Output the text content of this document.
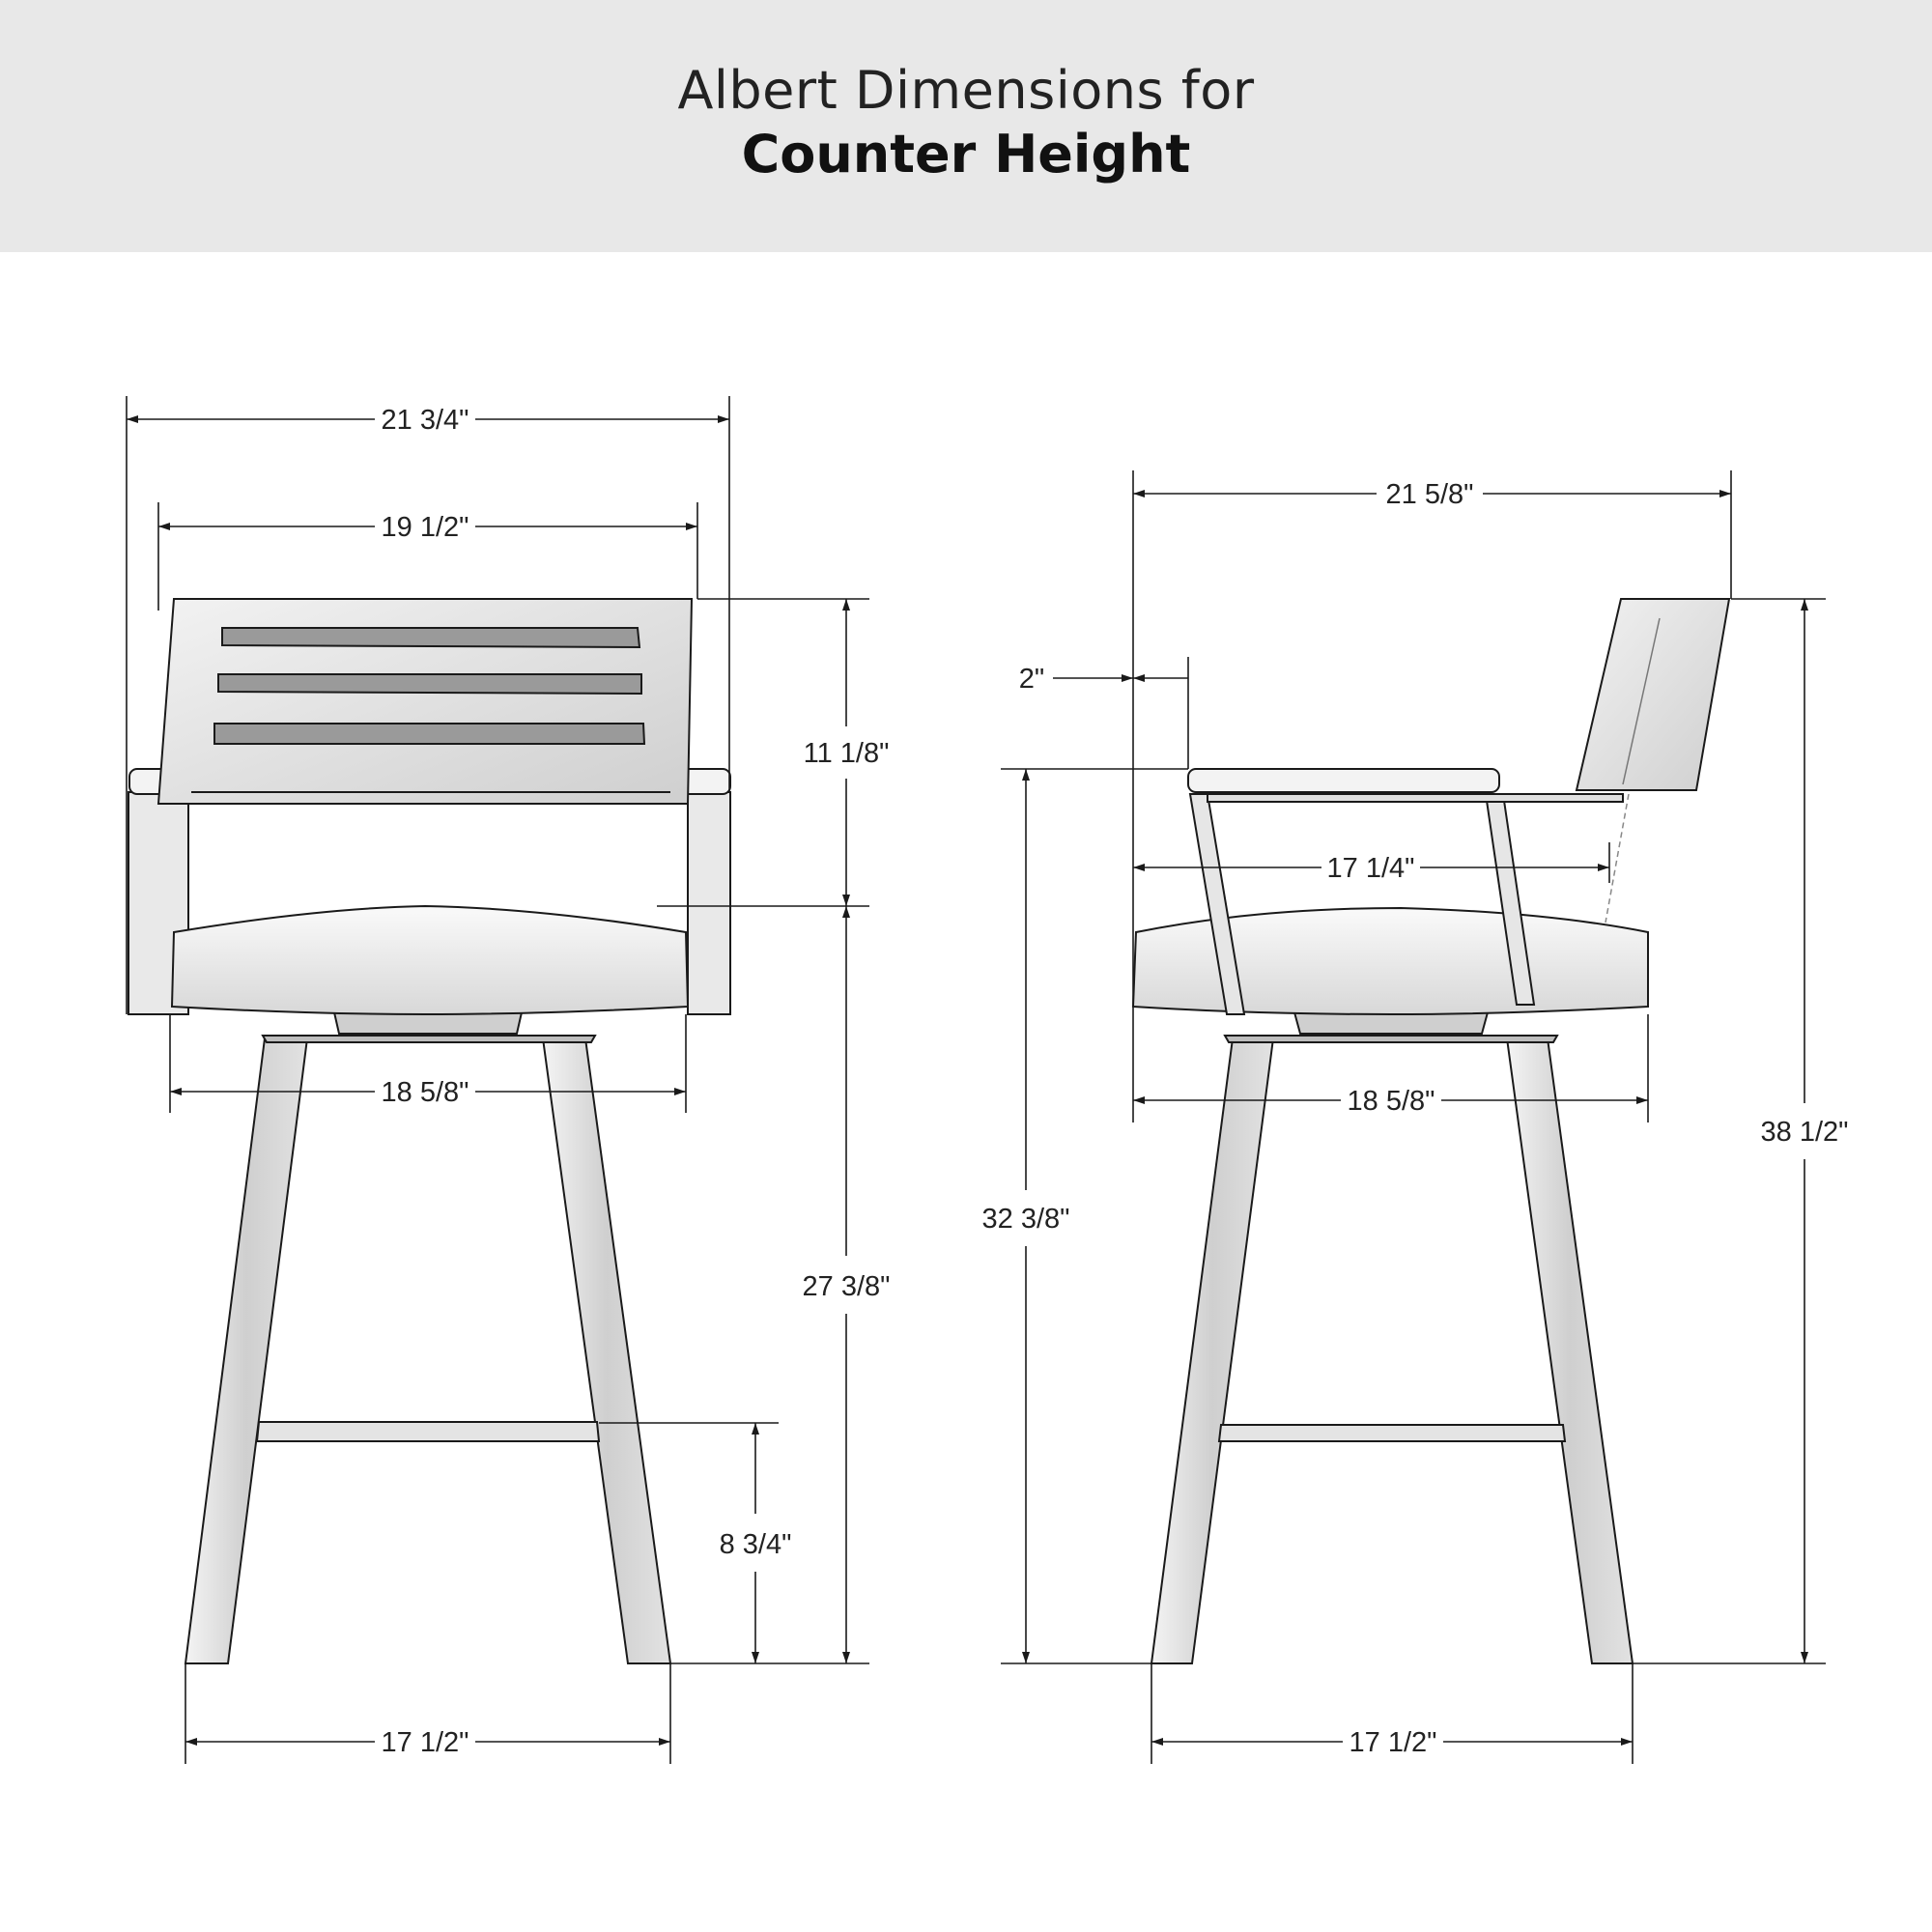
Albert Dimensions for
Counter Height
21 3/4"
19 1/2"
11 1/8"
18 5/8"
27 3/8"
8 3/4"
17 1/2"
21 5/8"
2"
17 1/4"
18 5/8"
32 3/8"
38 1/2"
17 1/2"
